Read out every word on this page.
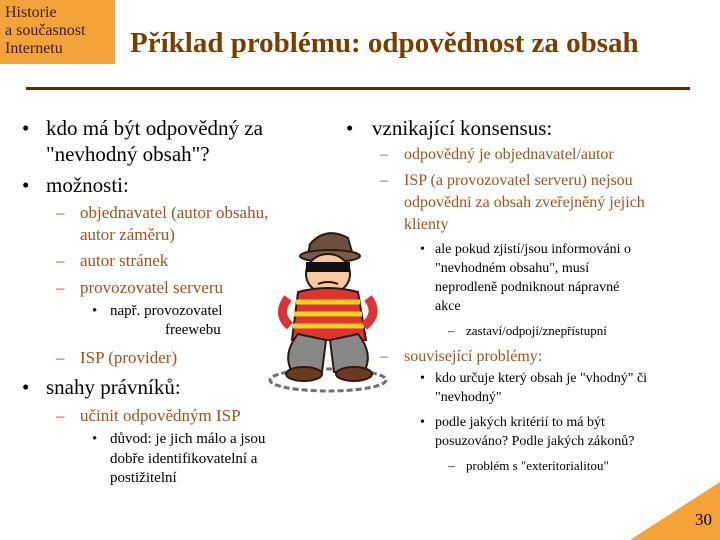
Historie
a současnost
Internetu Příklad problému: odpovědnost za obsah
• kdo má být odpovědný za
"nevhodný obsah"?
• možnosti:
– objednavatel (autor obsahu,
autor záměru)
– autor stránek
– provozovatel serveru
• např. provozovatel
freewebu
– ISP (provider)
• snahy právníků:
– učinit odpovědným ISP
• důvod: je jich málo a jsou
dobře identifikovatelní a
postižitelní
• vznikající konsensus:
– odpovědný je objednavatel/autor
– ISP (a provozovatel serveru) nejsou
odpovědni za obsah zveřejněný jejich
klienty
• ale pokud zjistí/jsou informováni o
"nevhodném obsahu", musí
neprodleně podniknout nápravné
akce
– zastaví/odpojí/znepřístupní
– související problémy:
• kdo určuje který obsah je "vhodný" či
"nevhodný"
• podle jakých kritérií to má být
posuzováno? Podle jakých zákonů?
– problém s "exteritorialitou"
30
